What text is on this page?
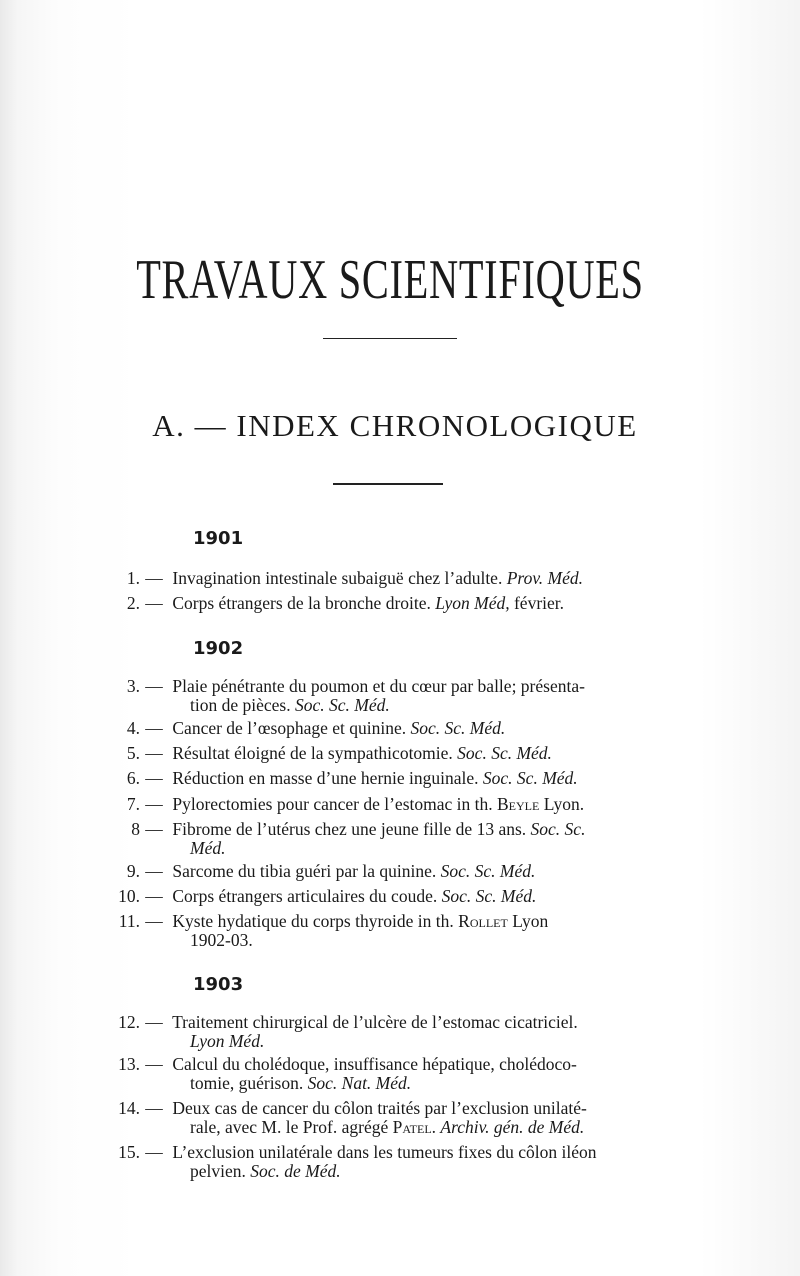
TRAVAUX SCIENTIFIQUES
A. — INDEX CHRONOLOGIQUE
1901
1. — Invagination intestinale subaiguë chez l’adulte. Prov. Méd.
2. — Corps étrangers de la bronche droite. Lyon Méd, février.
1902
3. — Plaie pénétrante du poumon et du cœur par balle; présenta-
tion de pièces. Soc. Sc. Méd.
4. — Cancer de l’œsophage et quinine. Soc. Sc. Méd.
5. — Résultat éloigné de la sympathicotomie. Soc. Sc. Méd.
6. — Réduction en masse d’une hernie inguinale. Soc. Sc. Méd.
7. — Pylorectomies pour cancer de l’estomac in th. Beyle Lyon.
8 — Fibrome de l’utérus chez une jeune fille de 13 ans. Soc. Sc.
Méd.
9. — Sarcome du tibia guéri par la quinine. Soc. Sc. Méd.
10. — Corps étrangers articulaires du coude. Soc. Sc. Méd.
11. — Kyste hydatique du corps thyroide in th. Rollet Lyon
1902-03.
1903
12. — Traitement chirurgical de l’ulcère de l’estomac cicatriciel.
Lyon Méd.
13. — Calcul du cholédoque, insuffisance hépatique, cholédoco-
tomie, guérison. Soc. Nat. Méd.
14. — Deux cas de cancer du côlon traités par l’exclusion unilaté-
rale, avec M. le Prof. agrégé Patel. Archiv. gén. de Méd.
15. — L’exclusion unilatérale dans les tumeurs fixes du côlon iléon
pelvien. Soc. de Méd.
